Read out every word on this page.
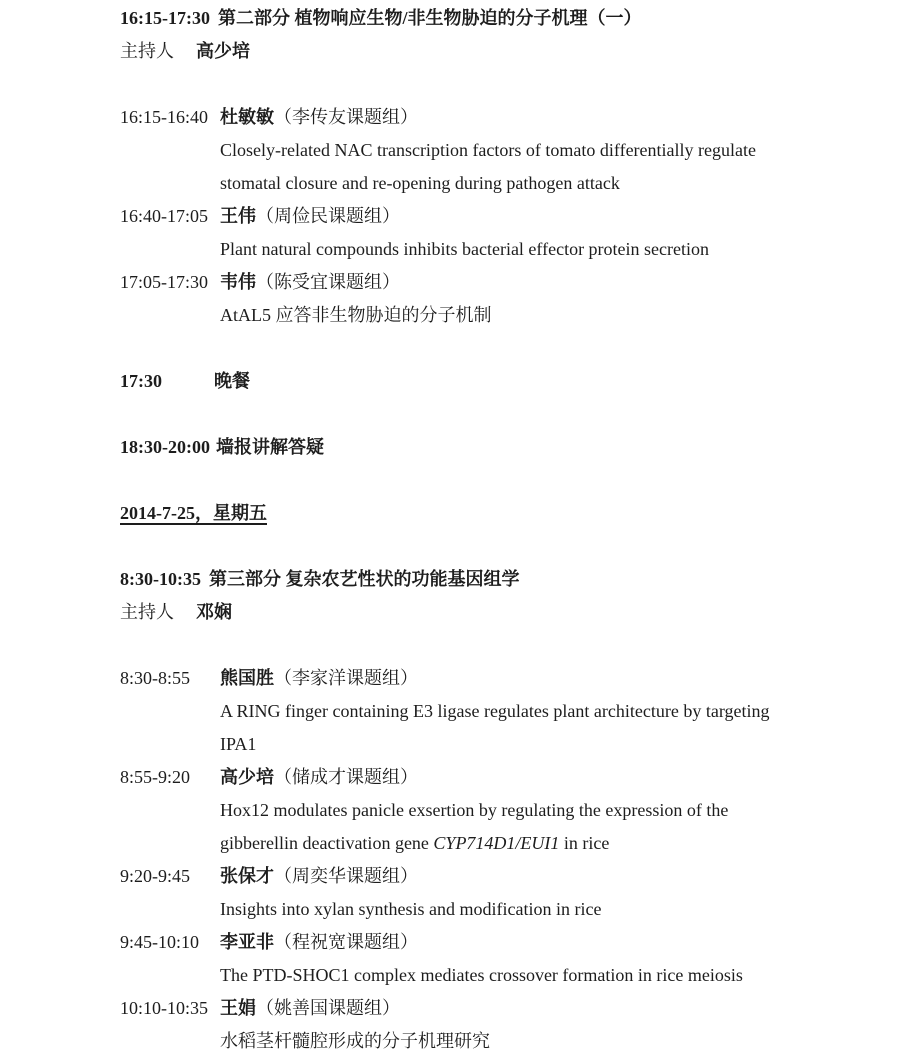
16:15-17:30 第二部分 植物响应生物/非生物胁迫的分子机理（一）
主持人 高少培
16:15-16:40 杜敏敏 （李传友课题组）
Closely-related NAC transcription factors of tomato differentially regulate
stomatal closure and re-opening during pathogen attack
16:40-17:05 王伟 （周俭民课题组）
Plant natural compounds inhibits bacterial effector protein secretion
17:05-17:30 韦伟 （陈受宜课题组）
AtAL5 应答非生物胁迫的分子机制
17:30	晚餐
18:30-20:00 墙报讲解答疑
2014-7-25，星期五
8:30-10:35 第三部分 复杂农艺性状的功能基因组学
主持人 邓娴
8:30-8:55	熊国胜 （李家洋课题组）
A RING finger containing E3 ligase regulates plant architecture by targeting
IPA1
8:55-9:20	高少培 （储成才课题组）
Hox12 modulates panicle exsertion by regulating the expression of the
gibberellin deactivation gene CYP714D1/EUI1 in rice
9:20-9:45	张保才 （周奕华课题组）
Insights into xylan synthesis and modification in rice
9:45-10:10	李亚非 （程祝宽课题组）
The PTD-SHOC1 complex mediates crossover formation in rice meiosis
10:10-10:35 王娟 （姚善国课题组）
水稻茎杆髓腔形成的分子机理研究
